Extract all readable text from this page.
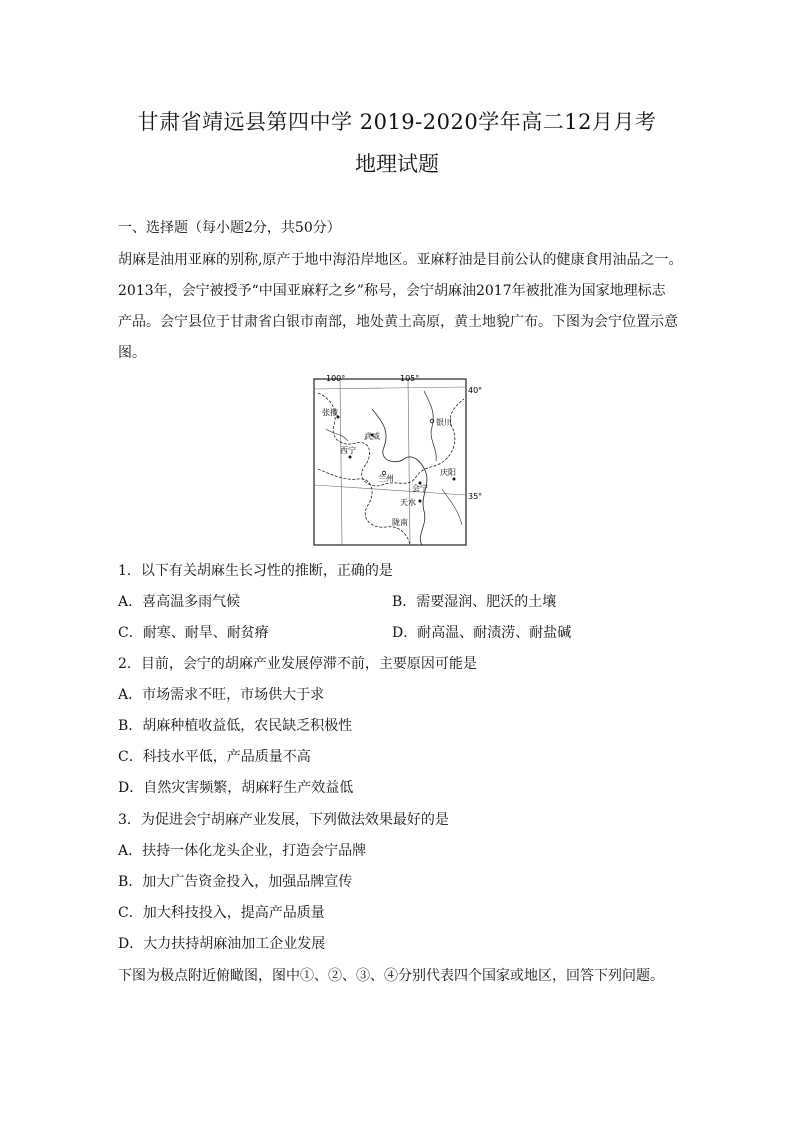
甘肃省靖远县第四中学 2019-2020学年高二12月月考
地理试题
一、选择题（每小题2分，共50分）
胡麻是油用亚麻的别称,原产于地中海沿岸地区。亚麻籽油是目前公认的健康食用油品之一。
2013年，会宁被授予“中国亚麻籽之乡”称号，会宁胡麻油2017年被批准为国家地理标志
产品。会宁县位于甘肃省白银市南部，地处黄土高原，黄土地貌广布。下图为会宁位置示意
图。
100°	105°
40°
35°
张掖
武威
银川
西宁
兰州
会宁
庆阳
天水
陇南
1．以下有关胡麻生长习性的推断，正确的是
A．喜高温多雨气候	B．需要湿润、肥沃的土壤
C．耐寒、耐旱、耐贫瘠	D．耐高温、耐渍涝、耐盐碱
2．目前，会宁的胡麻产业发展停滞不前，主要原因可能是
A．市场需求不旺，市场供大于求
B．胡麻种植收益低，农民缺乏积极性
C．科技水平低，产品质量不高
D．自然灾害频繁，胡麻籽生产效益低
3．为促进会宁胡麻产业发展，下列做法效果最好的是
A．扶持一体化龙头企业，打造会宁品牌
B．加大广告资金投入，加强品牌宣传
C．加大科技投入，提高产品质量
D．大力扶持胡麻油加工企业发展
下图为极点附近俯瞰图，图中①、②、③、④分别代表四个国家或地区，回答下列问题。
